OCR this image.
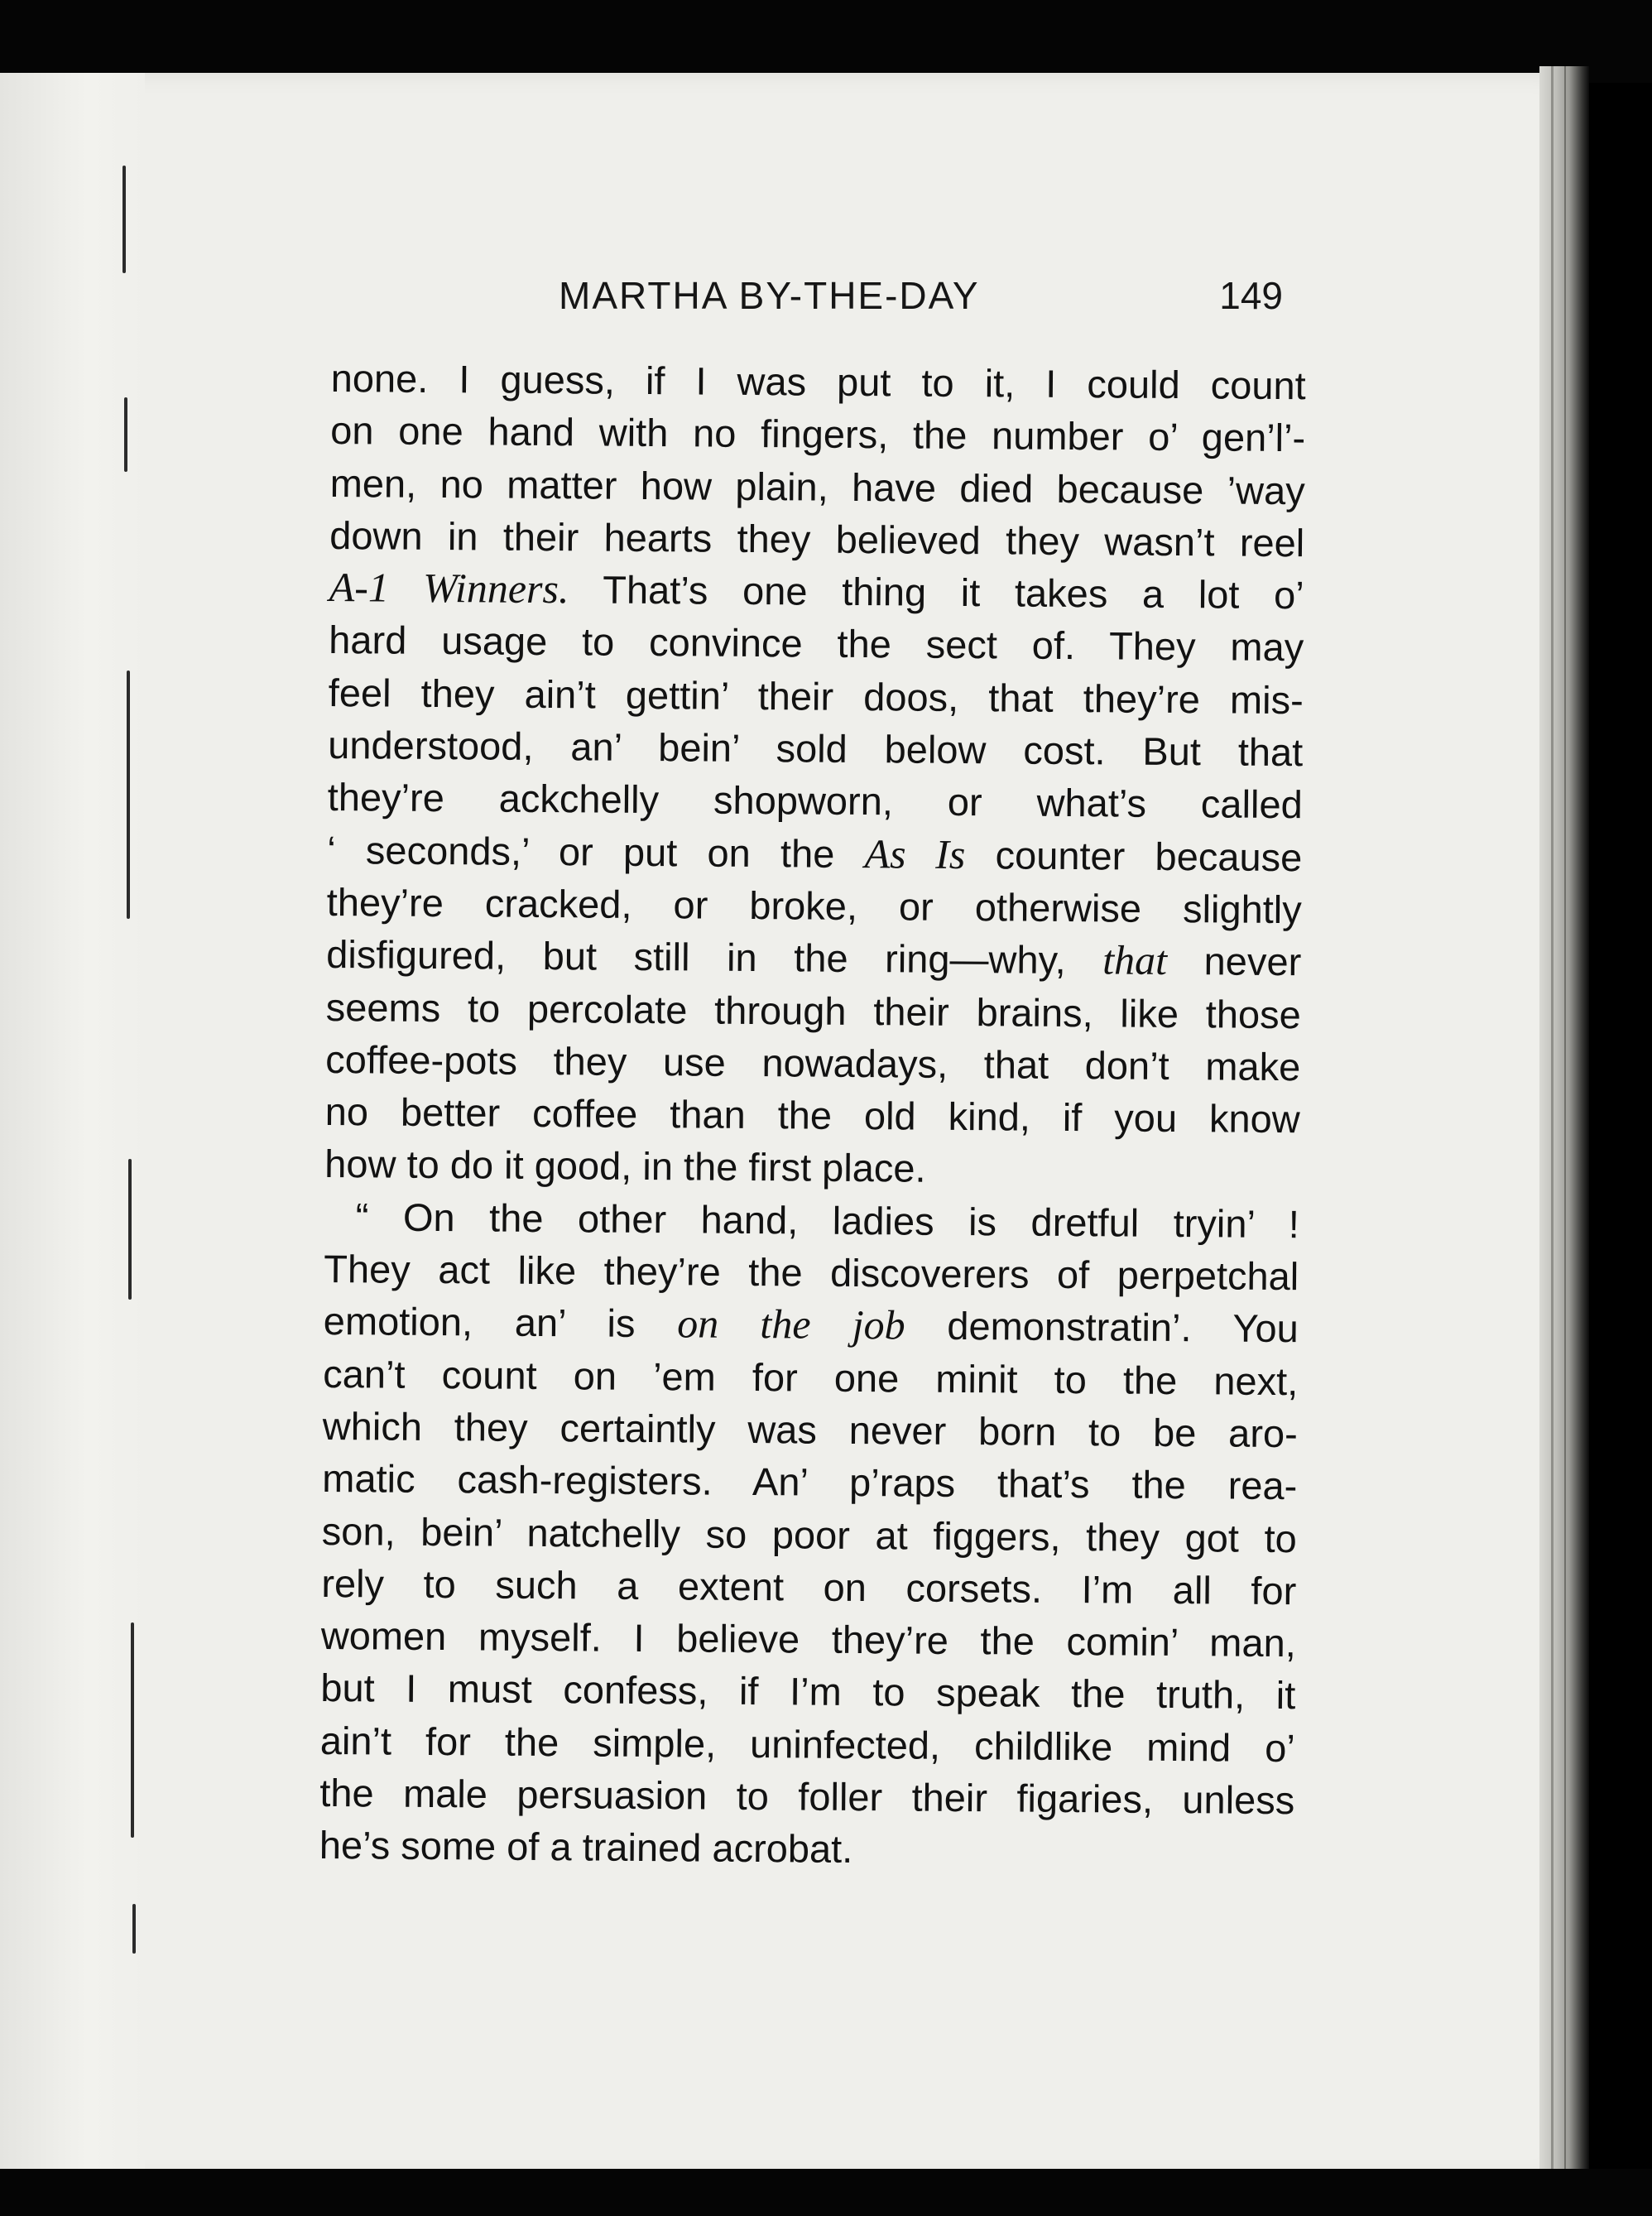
MARTHA BY-THE-DAY	149
none. I guess, if I was put to it, I could count
on one hand with no fingers, the number o’ gen’l’-
men, no matter how plain, have died because ’way
down in their hearts they believed they wasn’t reel
A-1 Winners. That’s one thing it takes a lot o’
hard usage to convince the sect of. They may
feel they ain’t gettin’ their doos, that they’re mis-
understood, an’ bein’ sold below cost. But that
they’re ackchelly shopworn, or what’s called
‘ seconds,’ or put on the As Is counter because
they’re cracked, or broke, or otherwise slightly
disfigured, but still in the ring—why, that never
seems to percolate through their brains, like those
coffee-pots they use nowadays, that don’t make
no better coffee than the old kind, if you know
how to do it good, in the first place.
“ On the other hand, ladies is dretful tryin’ !
They act like they’re the discoverers of perpetchal
emotion, an’ is on the job demonstratin’. You
can’t count on ’em for one minit to the next,
which they certaintly was never born to be aro-
matic cash-registers. An’ p’raps that’s the rea-
son, bein’ natchelly so poor at figgers, they got to
rely to such a extent on corsets. I’m all for
women myself. I believe they’re the comin’ man,
but I must confess, if I’m to speak the truth, it
ain’t for the simple, uninfected, childlike mind o’
the male persuasion to foller their figaries, unless
he’s some of a trained acrobat.
